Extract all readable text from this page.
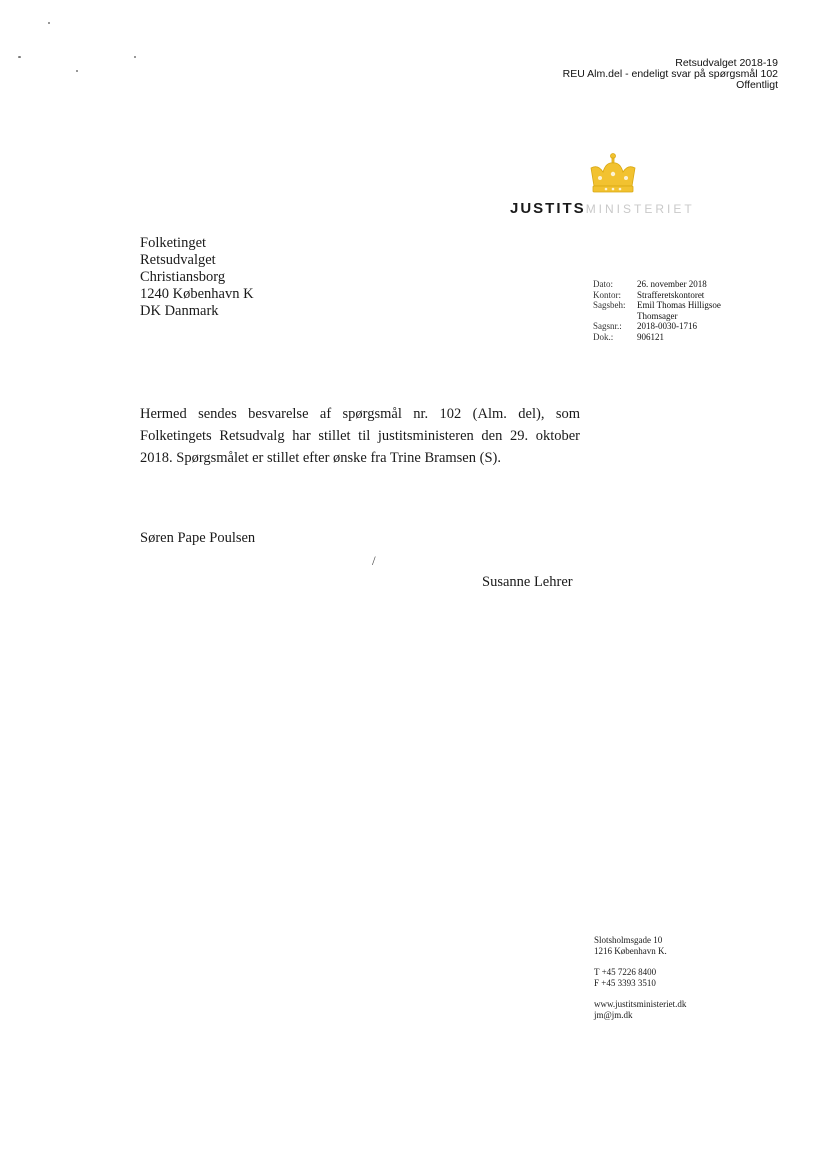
Retsudvalget 2018-19
REU Alm.del - endeligt svar på spørgsmål 102
Offentligt
JUSTITSMINISTERIET
Folketinget
Retsudvalget
Christiansborg
1240 København K
DK Danmark
Dato:	26. november 2018
Kontor:	Strafferetskontoret
Sagsbeh:	Emil Thomas Hilligsoe Thomsager
Sagsnr.:	2018-0030-1716
Dok.:	906121
Hermed sendes besvarelse af spørgsmål nr. 102 (Alm. del), som Folketingets Retsudvalg har stillet til justitsministeren den 29. oktober 2018. Spørgsmålet er stillet efter ønske fra Trine Bramsen (S).
Søren Pape Poulsen
/
Susanne Lehrer
Slotsholmsgade 10
1216 København K.
T +45 7226 8400
F +45 3393 3510
www.justitsministeriet.dk
jm@jm.dk
